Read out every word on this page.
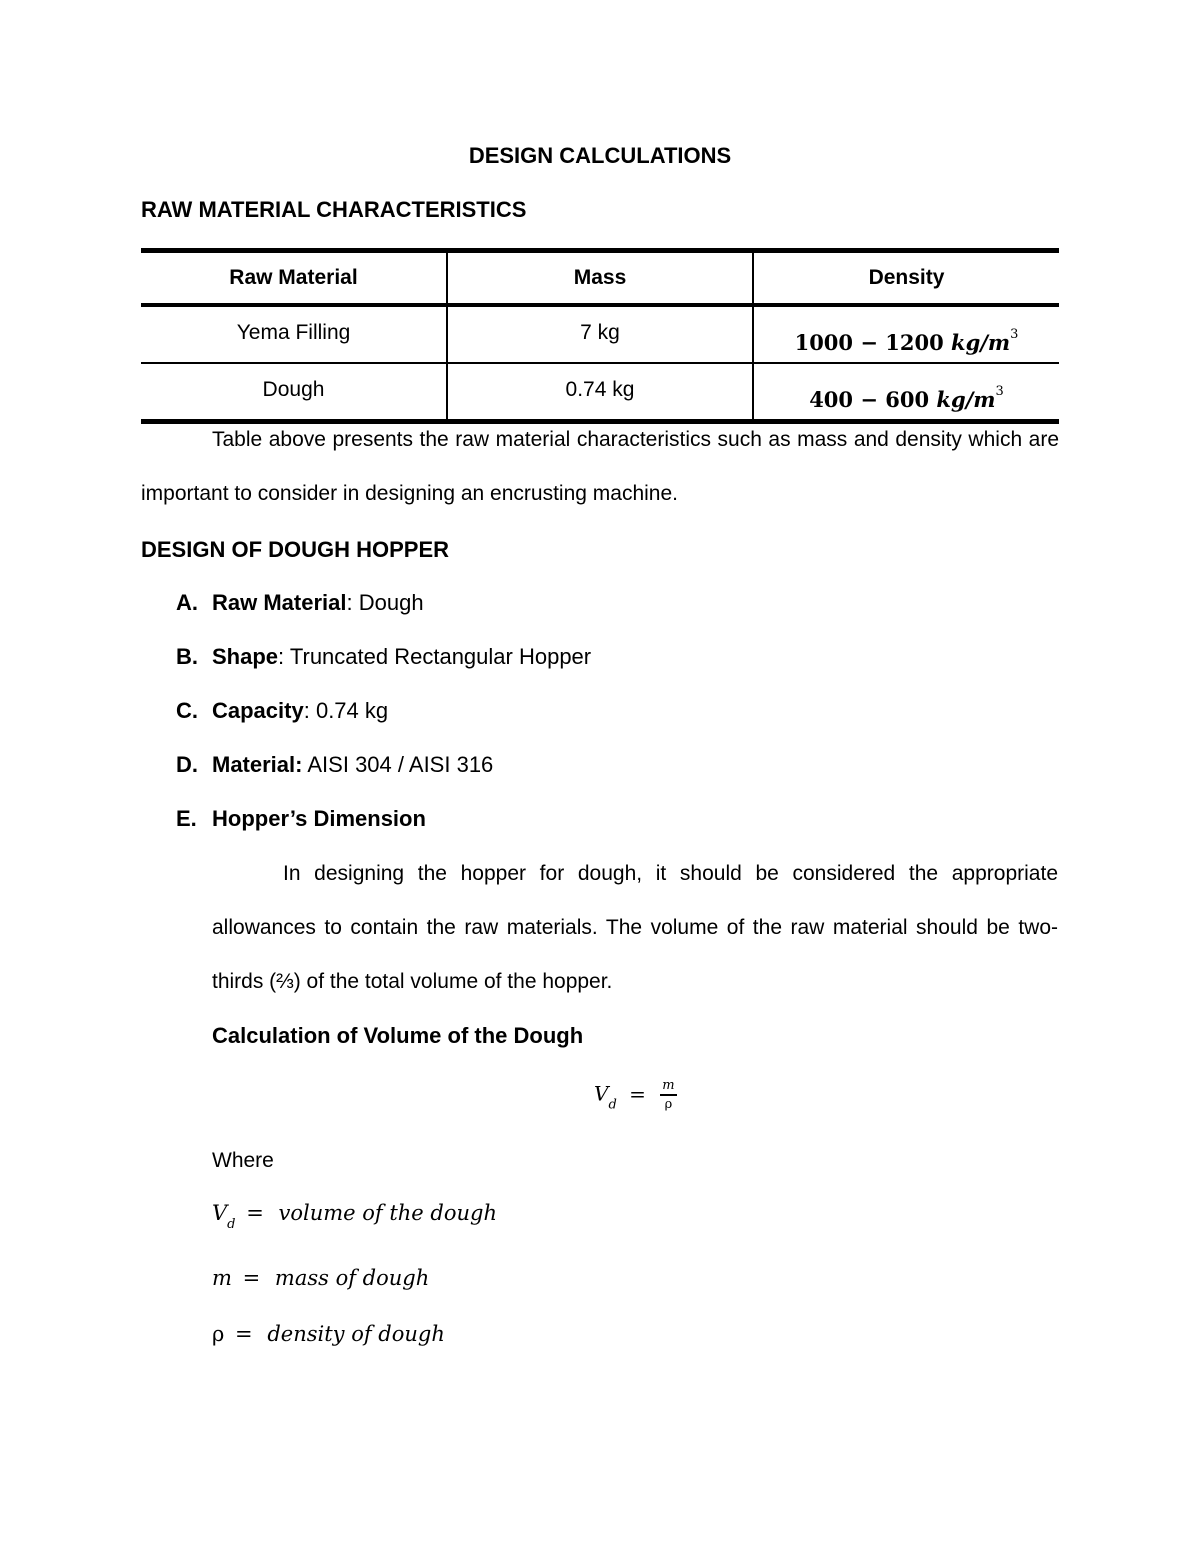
DESIGN CALCULATIONS
RAW MATERIAL CHARACTERISTICS
Raw Material	Mass	Density
Yema Filling	7 kg	1000 − 1200 $kg/m^3$
Dough	0.74 kg	400 − 600 $kg/m^3$

Table above presents the raw material characteristics such as mass and density which are important to consider in designing an encrusting machine.

DESIGN OF DOUGH HOPPER
A. Raw Material: Dough
B. Shape: Truncated Rectangular Hopper
C. Capacity: 0.74 kg
D. Material: AISI 304 / AISI 316
E. Hopper’s Dimension

In designing the hopper for dough, it should be considered the appropriate allowances to contain the raw materials. The volume of the raw material should be two-thirds (⅔) of the total volume of the hopper.

Calculation of Volume of the Dough
$V_d = \frac{m}{\rho}$
Where
$V_d$ = volume of the dough
m = mass of dough
ρ = density of dough
